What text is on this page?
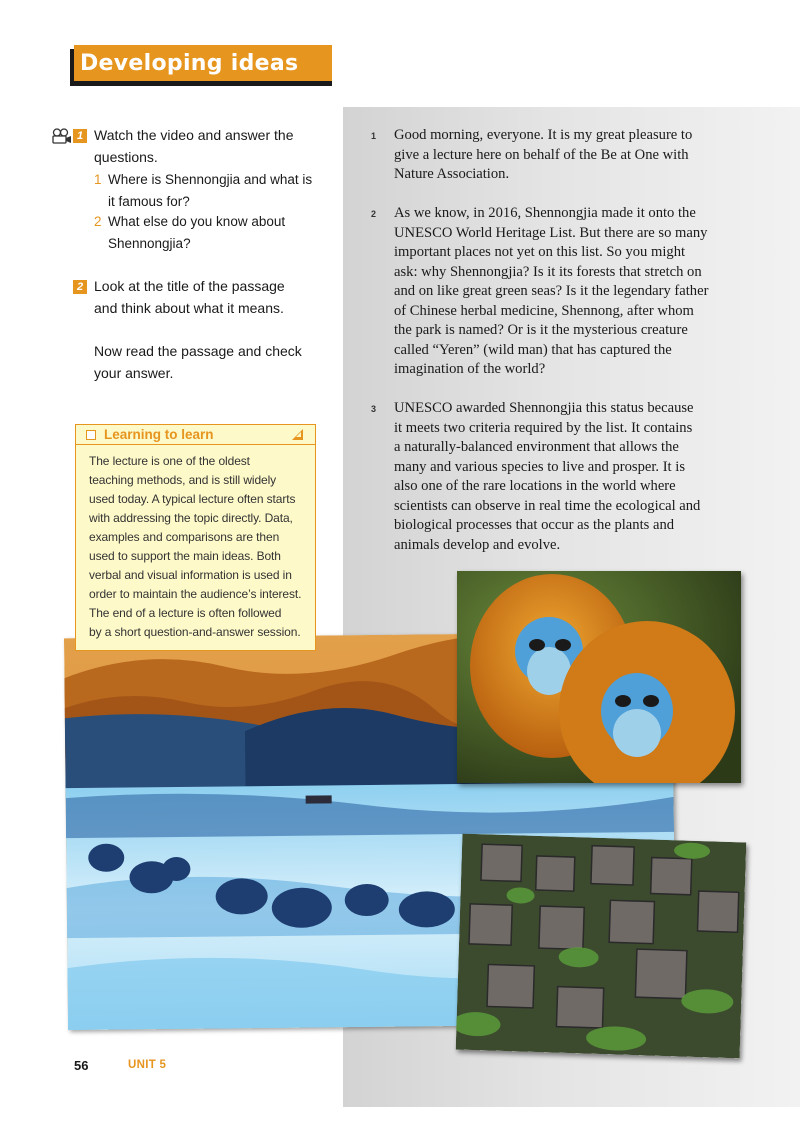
Developing ideas
1 Watch the video and answer the
questions.
1 Where is Shennongjia and what is
it famous for?
2 What else do you know about
Shennongjia?
2 Look at the title of the passage
and think about what it means.
Now read the passage and check
your answer.
1 Good morning, everyone. It is my great pleasure to
give a lecture here on behalf of the Be at One with
Nature Association.
2 As we know, in 2016, Shennongjia made it onto the
UNESCO World Heritage List. But there are so many
important places not yet on this list. So you might
ask: why Shennongjia? Is it its forests that stretch on
and on like great green seas? Is it the legendary father
of Chinese herbal medicine, Shennong, after whom
the park is named? Or is it the mysterious creature
called “Yeren” (wild man) that has captured the
imagination of the world?
3 UNESCO awarded Shennongjia this status because
it meets two criteria required by the list. It contains
a naturally-balanced environment that allows the
many and various species to live and prosper. It is
also one of the rare locations in the world where
scientists can observe in real time the ecological and
biological processes that occur as the plants and
animals develop and evolve.
Learning to learn
The lecture is one of the oldest
teaching methods, and is still widely
used today. A typical lecture often starts
with addressing the topic directly. Data,
examples and comparisons are then
used to support the main ideas. Both
verbal and visual information is used in
order to maintain the audience’s interest.
The end of a lecture is often followed
by a short question-and-answer session.
56	UNIT 5
